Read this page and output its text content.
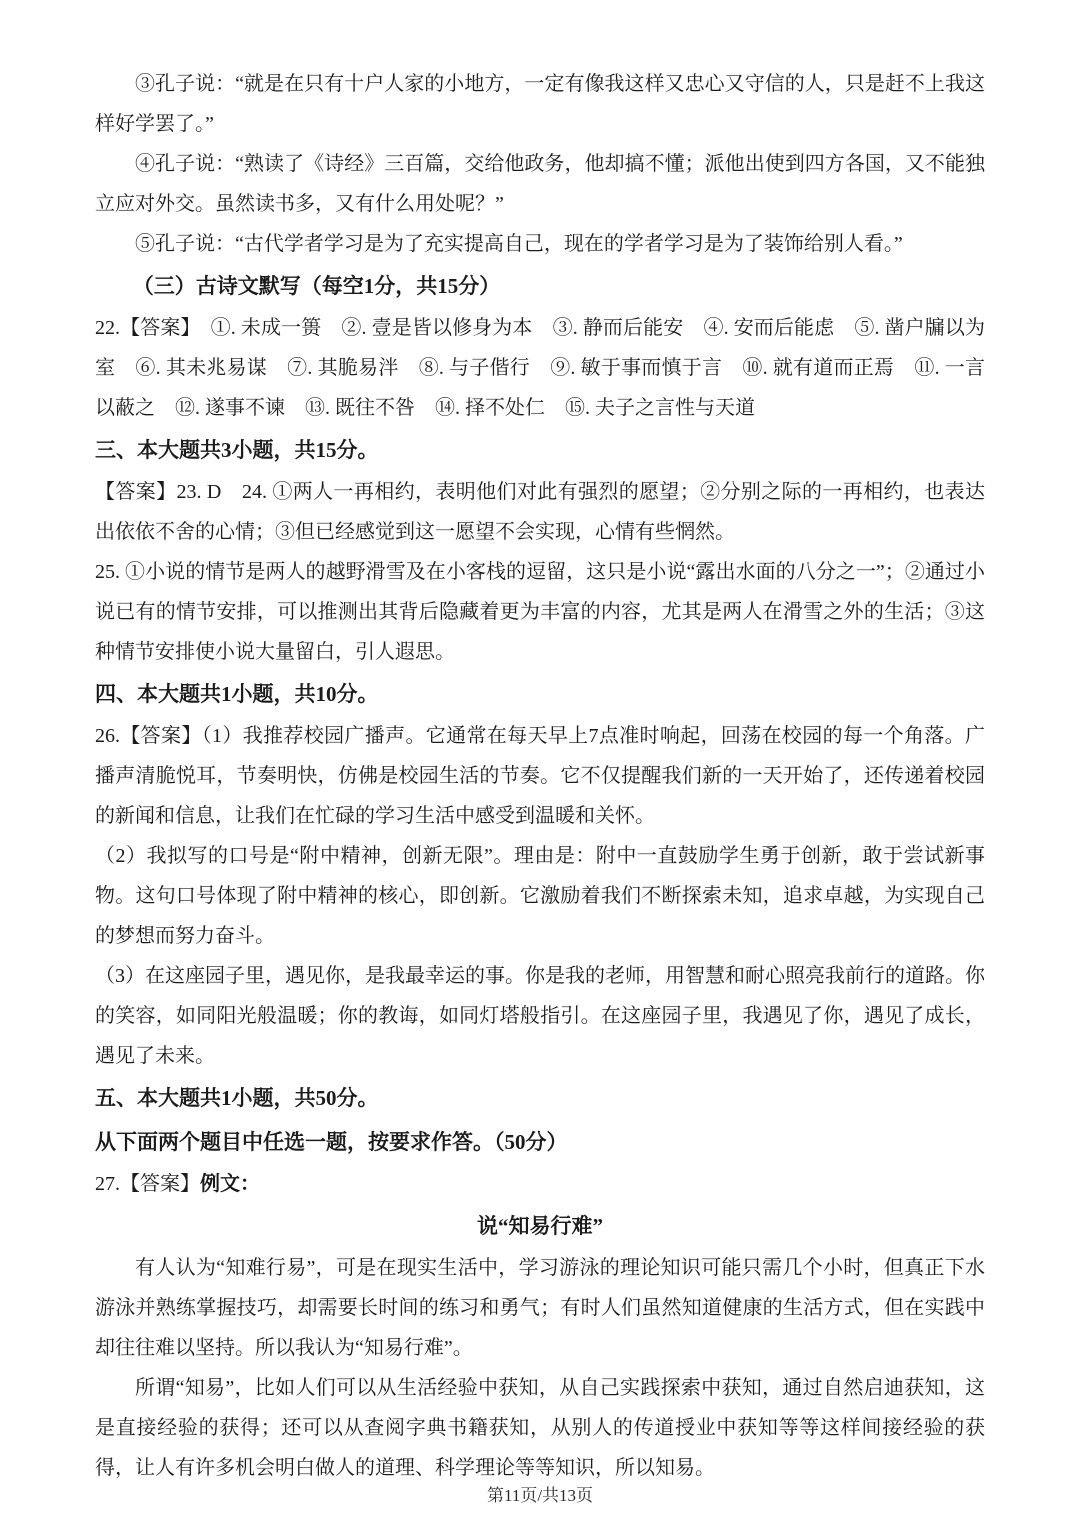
③孔子说：“就是在只有十户人家的小地方，一定有像我这样又忠心又守信的人，只是赶不上我这样好学罢了。”

④孔子说：“熟读了《诗经》三百篇，交给他政务，他却搞不懂；派他出使到四方各国，又不能独立应对外交。虽然读书多，又有什么用处呢？”

⑤孔子说：“古代学者学习是为了充实提高自己，现在的学者学习是为了装饰给别人看。”

（三）古诗文默写（每空1分，共15分）

22.【答案】　①. 未成一篑　②. 壹是皆以修身为本　③. 静而后能安　④. 安而后能虑　⑤. 凿户牖以为室　⑥. 其未兆易谋　⑦. 其脆易泮　⑧. 与子偕行　⑨. 敏于事而慎于言　⑩. 就有道而正焉　⑪. 一言以蔽之　⑫. 遂事不谏　⑬. 既往不咎　⑭. 择不处仁　⑮. 夫子之言性与天道

三、本大题共3小题，共15分。

【答案】23. D　24. ①两人一再相约，表明他们对此有强烈的愿望；②分别之际的一再相约，也表达出依依不舍的心情；③但已经感觉到这一愿望不会实现，心情有些惘然。

25. ①小说的情节是两人的越野滑雪及在小客栈的逗留，这只是小说“露出水面的八分之一”；②通过小说已有的情节安排，可以推测出其背后隐藏着更为丰富的内容，尤其是两人在滑雪之外的生活；③这种情节安排使小说大量留白，引人遐思。

四、本大题共1小题，共10分。

26.【答案】（1）我推荐校园广播声。它通常在每天早上7点准时响起，回荡在校园的每一个角落。广播声清脆悦耳，节奏明快，仿佛是校园生活的节奏。它不仅提醒我们新的一天开始了，还传递着校园的新闻和信息，让我们在忙碌的学习生活中感受到温暖和关怀。

（2）我拟写的口号是“附中精神，创新无限”。理由是：附中一直鼓励学生勇于创新，敢于尝试新事物。这句口号体现了附中精神的核心，即创新。它激励着我们不断探索未知，追求卓越，为实现自己的梦想而努力奋斗。

（3）在这座园子里，遇见你，是我最幸运的事。你是我的老师，用智慧和耐心照亮我前行的道路。你的笑容，如同阳光般温暖；你的教诲，如同灯塔般指引。在这座园子里，我遇见了你，遇见了成长，遇见了未来。

五、本大题共1小题，共50分。

从下面两个题目中任选一题，按要求作答。（50分）

27.【答案】例文：

说“知易行难”

有人认为“知难行易”，可是在现实生活中，学习游泳的理论知识可能只需几个小时，但真正下水游泳并熟练掌握技巧，却需要长时间的练习和勇气；有时人们虽然知道健康的生活方式，但在实践中却往往难以坚持。所以我认为“知易行难”。

所谓“知易”，比如人们可以从生活经验中获知，从自己实践探索中获知，通过自然启迪获知，这是直接经验的获得；还可以从查阅字典书籍获知，从别人的传道授业中获知等等这样间接经验的获得，让人有许多机会明白做人的道理、科学理论等等知识，所以知易。

第11页/共13页
